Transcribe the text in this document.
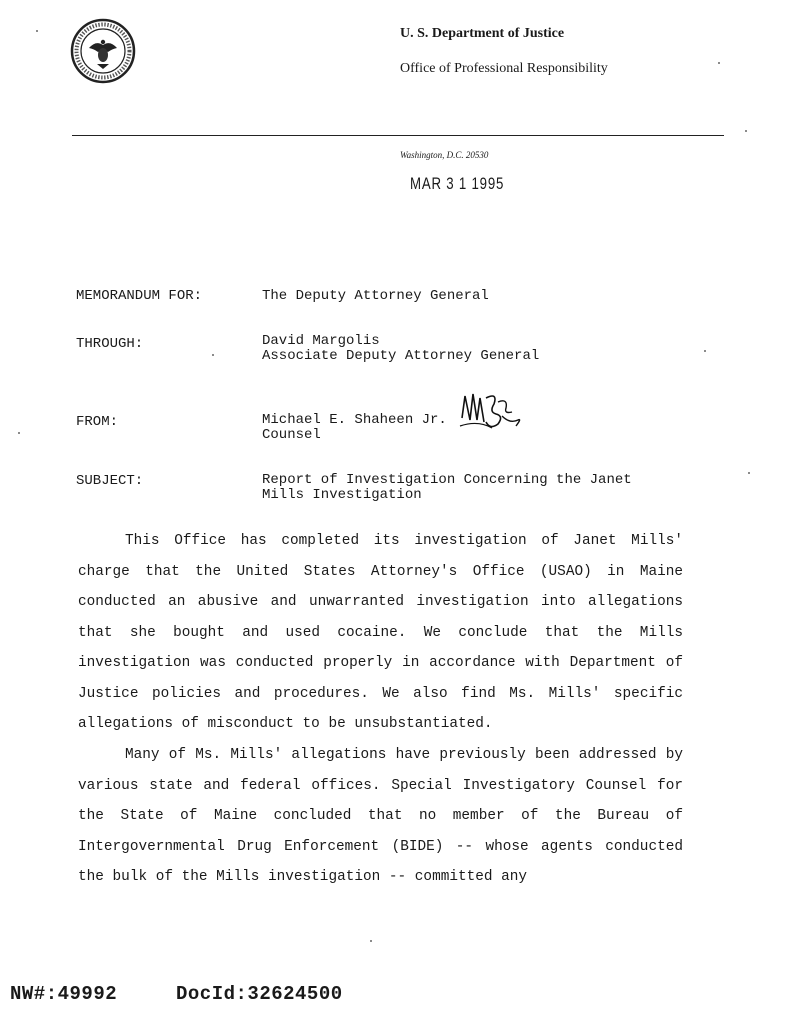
U. S. Department of Justice
Office of Professional Responsibility
Washington, D.C. 20530
MAR 3 1 1995
MEMORANDUM FOR:	The Deputy Attorney General
THROUGH:	David Margolis
Associate Deputy Attorney General
FROM:	Michael E. Shaheen Jr.
Counsel
SUBJECT:	Report of Investigation Concerning the Janet
Mills Investigation

This Office has completed its investigation of Janet Mills' charge that the United States Attorney's Office (USAO) in Maine conducted an abusive and unwarranted investigation into allegations that she bought and used cocaine. We conclude that the Mills investigation was conducted properly in accordance with Department of Justice policies and procedures. We also find Ms. Mills' specific allegations of misconduct to be unsubstantiated.

Many of Ms. Mills' allegations have previously been addressed by various state and federal offices. Special Investigatory Counsel for the State of Maine concluded that no member of the Bureau of Intergovernmental Drug Enforcement (BIDE) -- whose agents conducted the bulk of the Mills investigation -- committed any

NW#:49992	DocId:32624500
